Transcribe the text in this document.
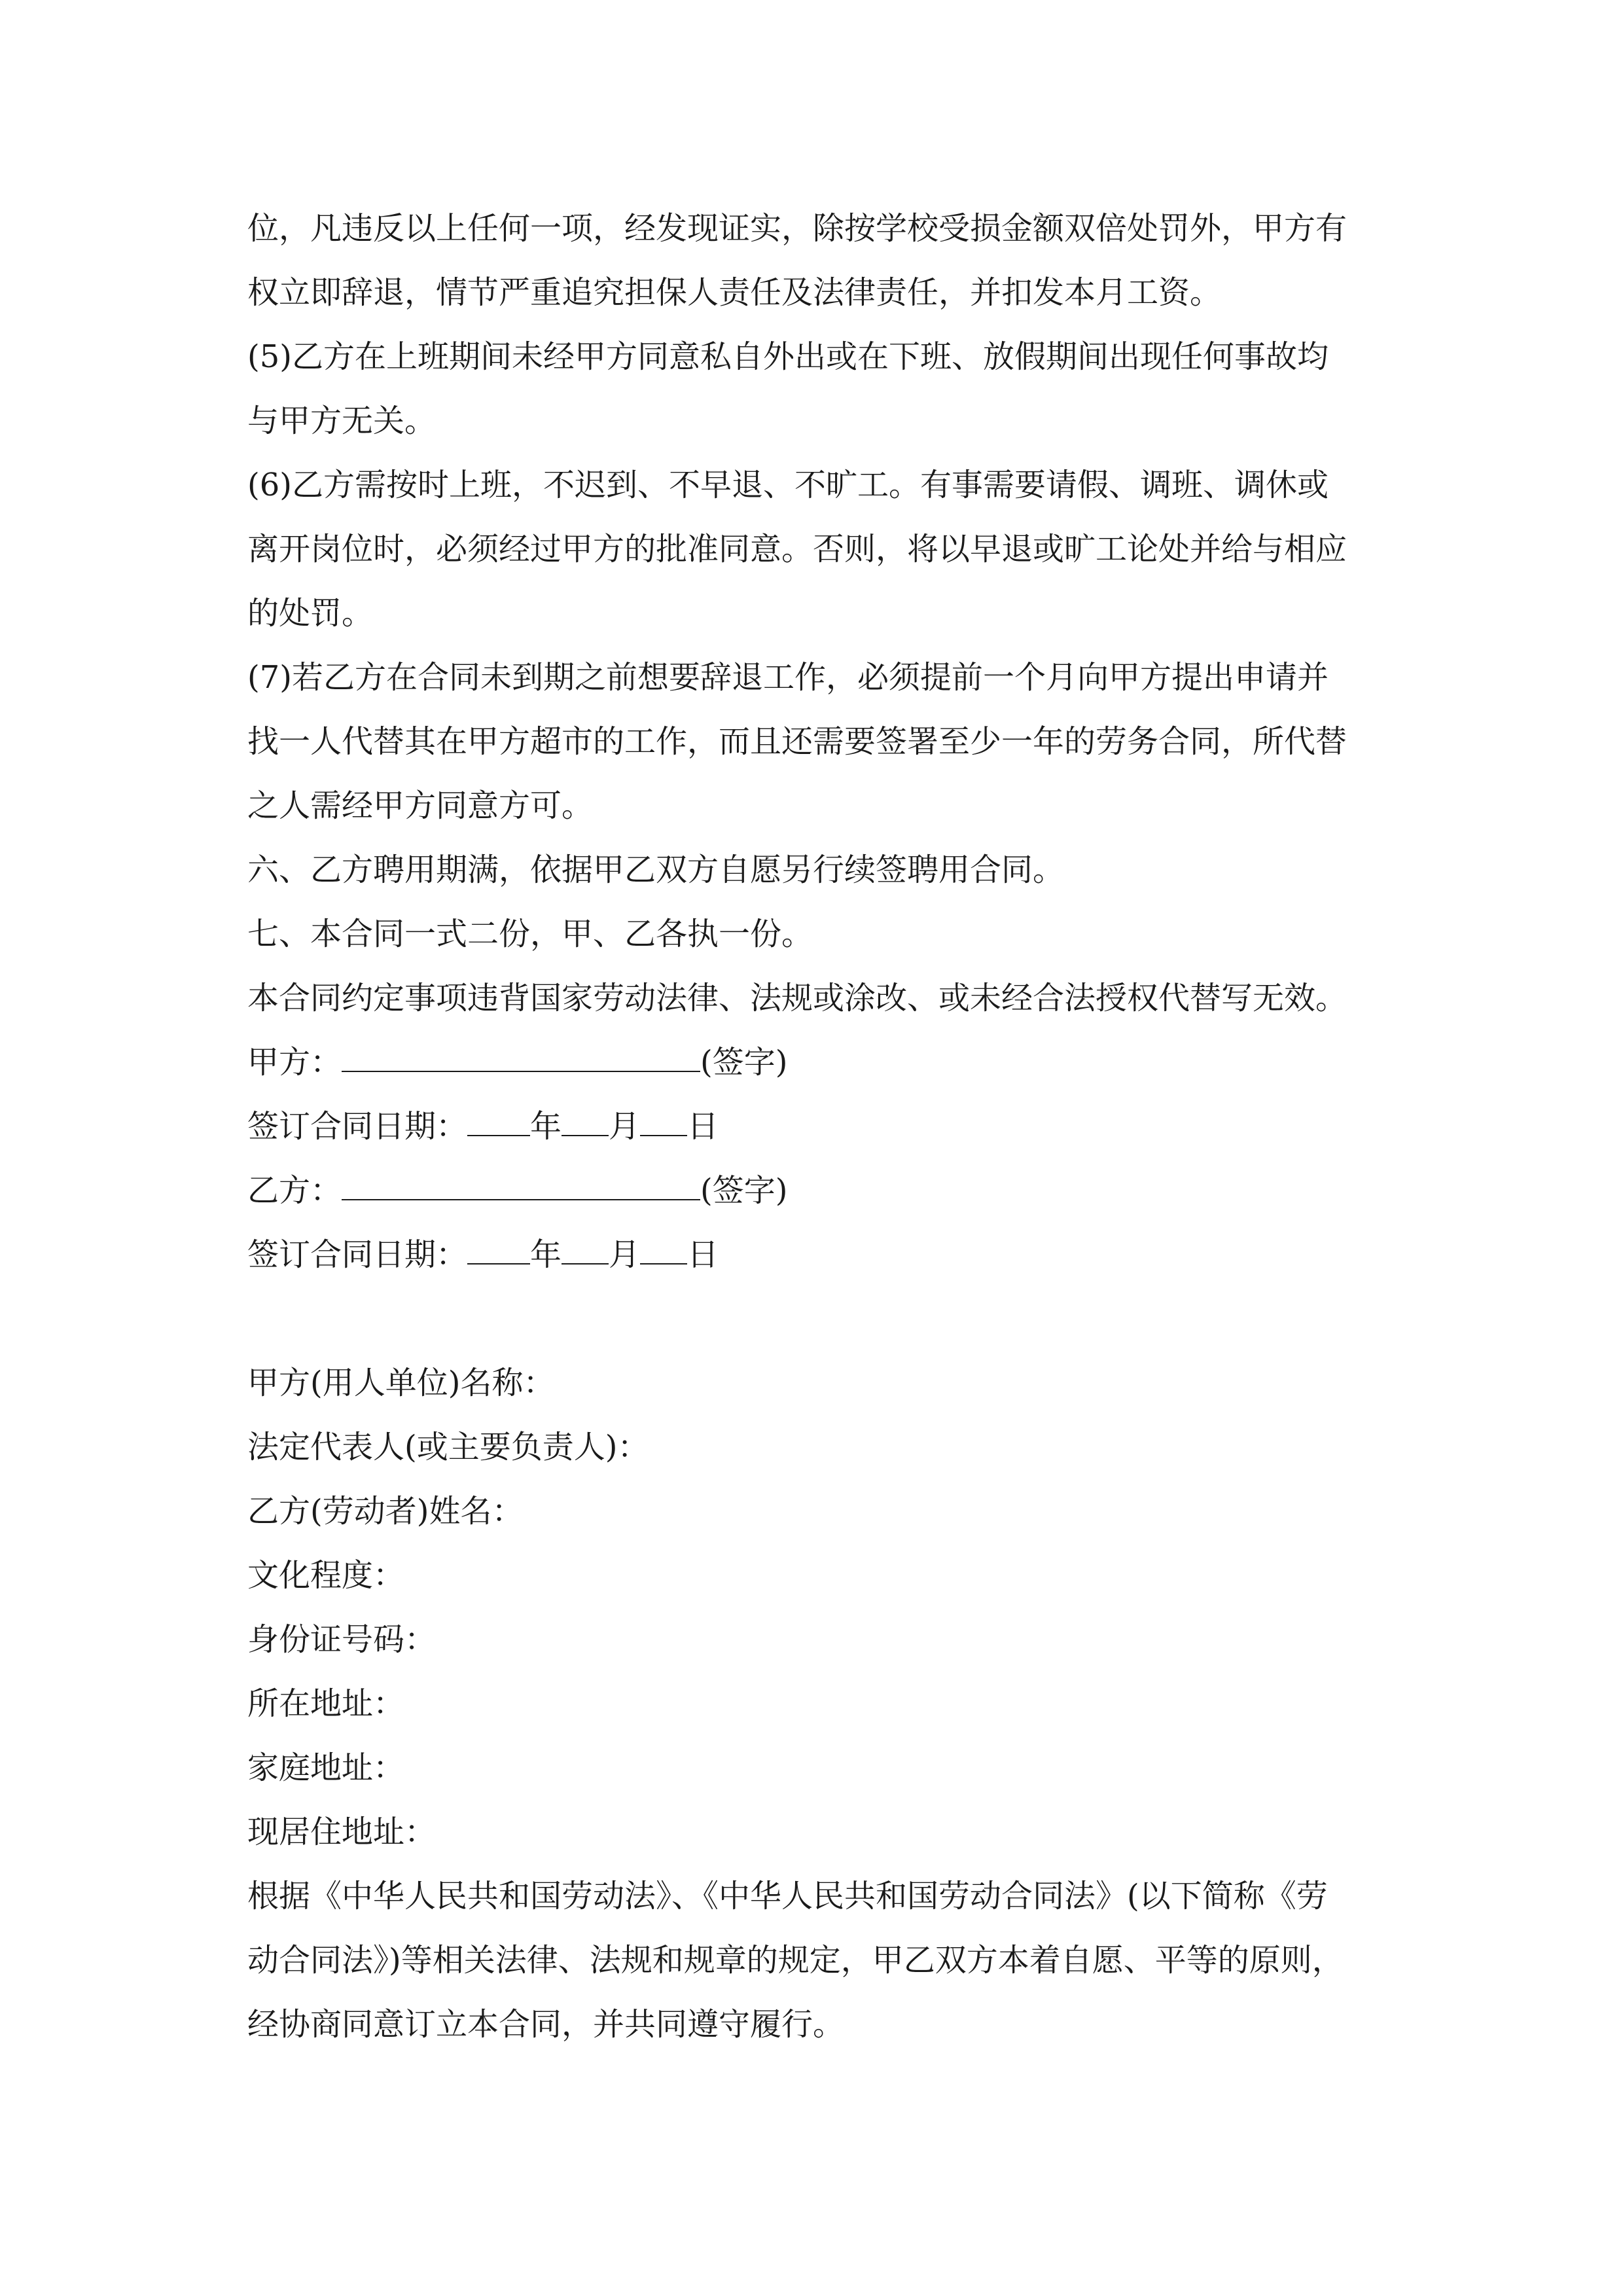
位，凡违反以上任何一项，经发现证实，除按学校受损金额双倍处罚外，甲方有
权立即辞退，情节严重追究担保人责任及法律责任，并扣发本月工资。
(5)乙方在上班期间未经甲方同意私自外出或在下班、放假期间出现任何事故均
与甲方无关。
(6)乙方需按时上班，不迟到、不早退、不旷工。有事需要请假、调班、调休或
离开岗位时，必须经过甲方的批准同意。否则，将以早退或旷工论处并给与相应
的处罚。
(7)若乙方在合同未到期之前想要辞退工作，必须提前一个月向甲方提出申请并
找一人代替其在甲方超市的工作，而且还需要签署至少一年的劳务合同，所代替
之人需经甲方同意方可。
六、乙方聘用期满，依据甲乙双方自愿另行续签聘用合同。
七、本合同一式二份，甲、乙各执一份。
本合同约定事项违背国家劳动法律、法规或涂改、或未经合法授权代替写无效。
甲方：	(签字)
签订合同日期： 年 月 日
乙方：	(签字)
签订合同日期： 年 月 日
甲方(用人单位)名称：
法定代表人(或主要负责人)：
乙方(劳动者)姓名：
文化程度：
身份证号码：
所在地址：
家庭地址：
现居住地址：
根据《中华人民共和国劳动法》、《中华人民共和国劳动合同法》(以下简称《劳
动合同法》)等相关法律、法规和规章的规定，甲乙双方本着自愿、平等的原则，
经协商同意订立本合同，并共同遵守履行。
